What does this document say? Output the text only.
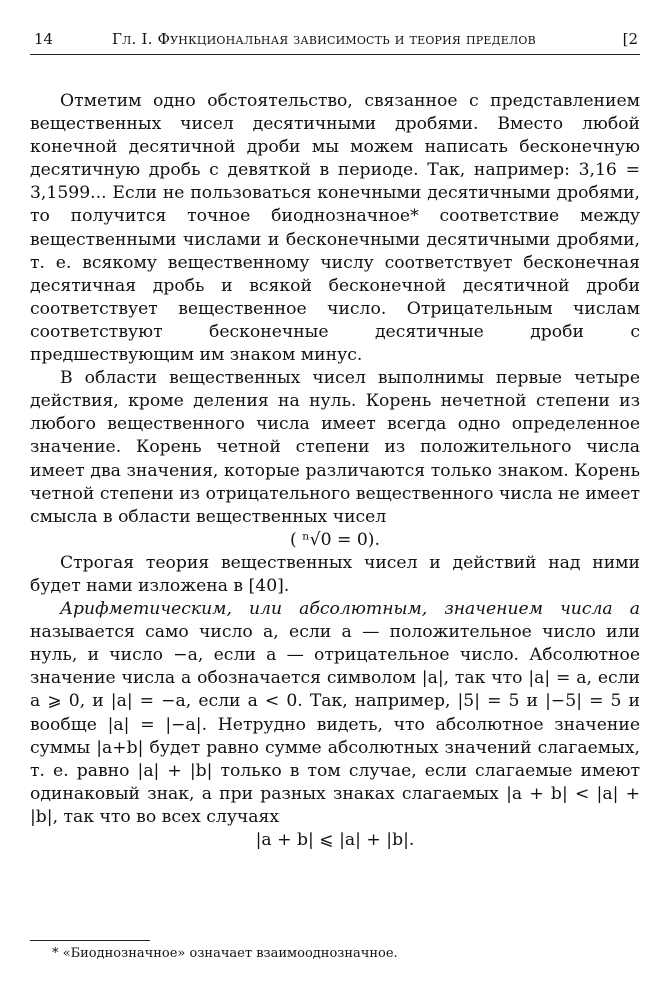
14	Гл. I. Функциональная зависимость и теория пределов	[2

Отметим одно обстоятельство, связанное с представлением вещественных чисел десятичными дробями. Вместо любой конечной десятичной дроби мы можем написать бесконечную десятичную дробь с девяткой в периоде. Так, например: 3,16 = 3,1599... Если не пользоваться конечными десятичными дробями, то получится точное биоднозначное* соответствие между вещественными числами и бесконечными десятичными дробями, т. е. всякому вещественному числу соответствует бесконечная десятичная дробь и всякой бесконечной десятичной дроби соответствует вещественное число. Отрицательным числам соответствуют бесконечные десятичные дроби с предшествующим им знаком минус.

В области вещественных чисел выполнимы первые четыре действия, кроме деления на нуль. Корень нечетной степени из любого вещественного числа имеет всегда одно определенное значение. Корень четной степени из положительного числа имеет два значения, которые различаются только знаком. Корень четной степени из отрицательного вещественного числа не имеет смысла в области вещественных чисел

( ⁿ√0 = 0).

Строгая теория вещественных чисел и действий над ними будет нами изложена в [40].

Арифметическим, или абсолютным, значением числа a называется само число a, если a — положительное число или нуль, и число −a, если a — отрицательное число. Абсолютное значение числа a обозначается символом |a|, так что |a| = a, если a ⩾ 0, и |a| = −a, если a < 0. Так, например, |5| = 5 и |−5| = 5 и вообще |a| = |−a|. Нетрудно видеть, что абсолютное значение суммы |a+b| будет равно сумме абсолютных значений слагаемых, т. е. равно |a| + |b| только в том случае, если слагаемые имеют одинаковый знак, а при разных знаках слагаемых |a + b| < |a| + |b|, так что во всех случаях

|a + b| ⩽ |a| + |b|.

* «Биоднозначное» означает взаимооднозначное.
